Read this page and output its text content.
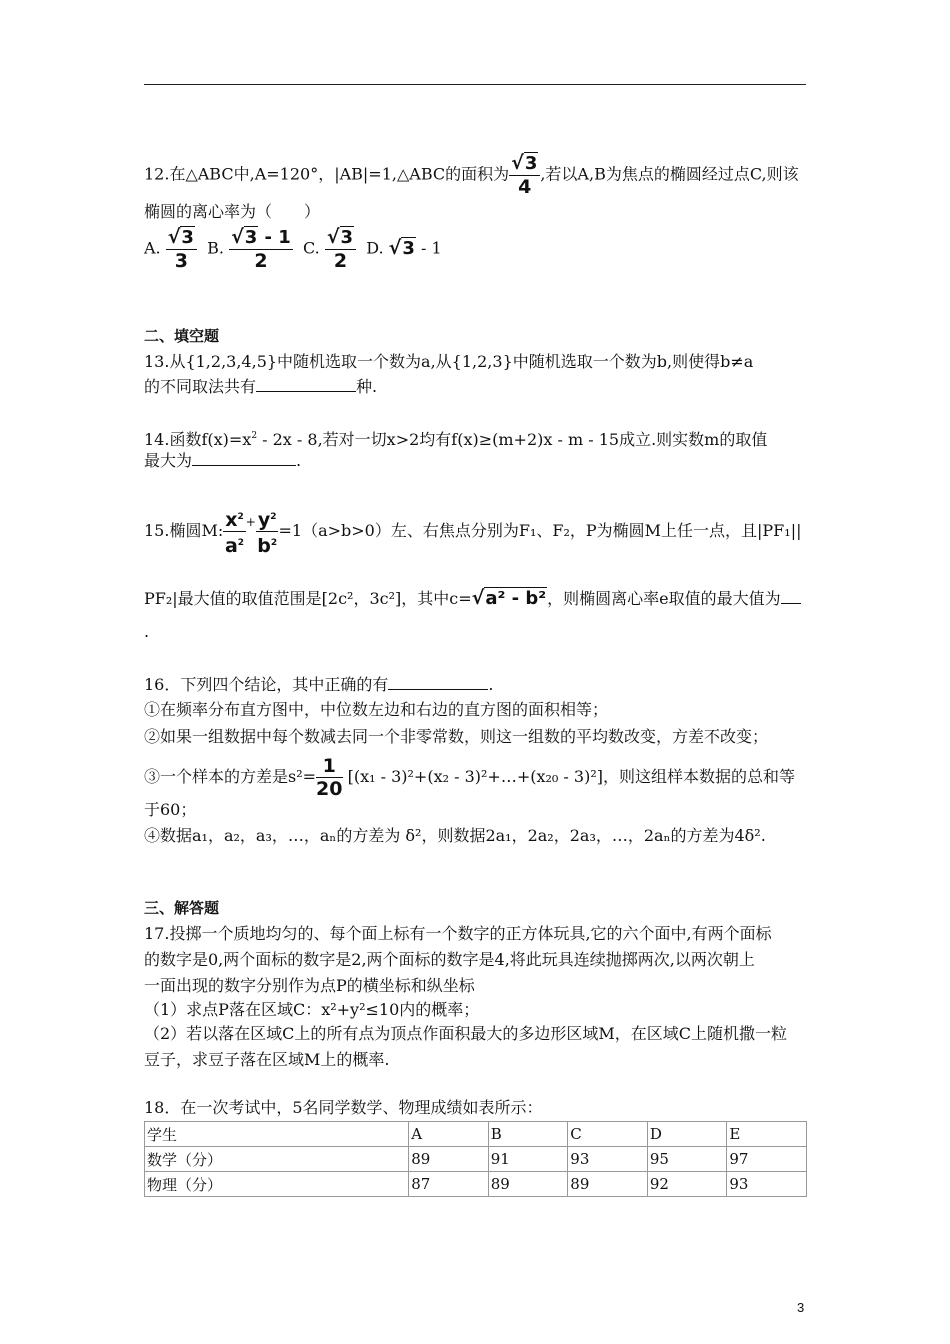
12.在△ABC中,A=120°，|AB|=1,△ABC的面积为 $\frac{√3}{4}$ ,若以A,B为焦点的椭圆经过点C,则该
椭圆的离心率为（　　）
A. $\frac{√3}{3} B$. $\frac{√3 - 1}{2} C$. $\frac{√3}{2} D$. √3 - 1
二、填空题
13.从{1,2,3,4,5}中随机选取一个数为a,从{1,2,3}中随机选取一个数为b,则使得b≠a
的不同取法共有	种.
14.函数$f(x)=x^2 - 2x - 8$,若对一切x>2均有f(x)≥(m+2)x - m - 15成立.则实数m的取值
最大为	.
15.椭圆M: $\frac{x^2}{a^2} ^+ \frac{y^2}{b^2} =1(a>b>0)$左、右焦点分别为F₁、F₂，P为椭圆M上任一点，且|PF₁||
PF₂|最大值的取值范围是[2c²，3c²]，其中c=√a² - b²，则椭圆离心率e取值的最大值为
.
16．下列四个结论，其中正确的有	.
①在频率分布直方图中，中位数左边和右边的直方图的面积相等；
②如果一组数据中每个数减去同一个非零常数，则这一组数的平均数改变，方差不改变；
③一个样本的方差是$s^2= \frac{1}{20} [(x_1 - 3)^2+(x_2$ - 3)²+…+(x₂₀ - 3)²]，则这组样本数据的总和等
于60；
④数据a₁，a₂，a₃，…，aₙ的方差为 δ²，则数据2a₁，2a₂，2a₃，…，2aₙ的方差为4δ².
三、解答题
17.投掷一个质地均匀的、每个面上标有一个数字的正方体玩具,它的六个面中,有两个面标
的数字是0,两个面标的数字是2,两个面标的数字是4,将此玩具连续抛掷两次,以两次朝上
一面出现的数字分别作为点P的横坐标和纵坐标
（1）求点P落在区域C：x²+y²≤10内的概率；
（2）若以落在区域C上的所有点为顶点作面积最大的多边形区域M，在区域C上随机撒一粒
豆子，求豆子落在区域M上的概率.
18．在一次考试中，5名同学数学、物理成绩如表所示：
学生	A	B	C	D	E
数学（分）	89	91	93	95	97
物理（分）	87	89	89	92	93
3
